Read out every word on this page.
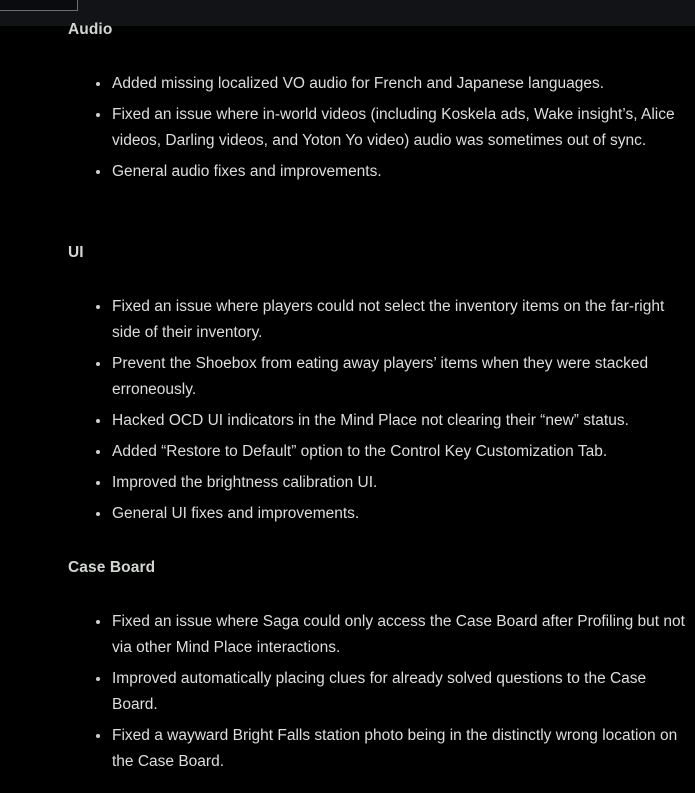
Audio
Added missing localized VO audio for French and Japanese languages.
Fixed an issue where in-world videos (including Koskela ads, Wake insight’s, Alice videos, Darling videos, and Yoton Yo video) audio was sometimes out of sync.
General audio fixes and improvements.
UI
Fixed an issue where players could not select the inventory items on the far-right side of their inventory.
Prevent the Shoebox from eating away players’ items when they were stacked erroneously.
Hacked OCD UI indicators in the Mind Place not clearing their “new” status.
Added “Restore to Default” option to the Control Key Customization Tab.
Improved the brightness calibration UI.
General UI fixes and improvements.
Case Board
Fixed an issue where Saga could only access the Case Board after Profiling but not via other Mind Place interactions.
Improved automatically placing clues for already solved questions to the Case Board.
Fixed a wayward Bright Falls station photo being in the distinctly wrong location on the Case Board.
